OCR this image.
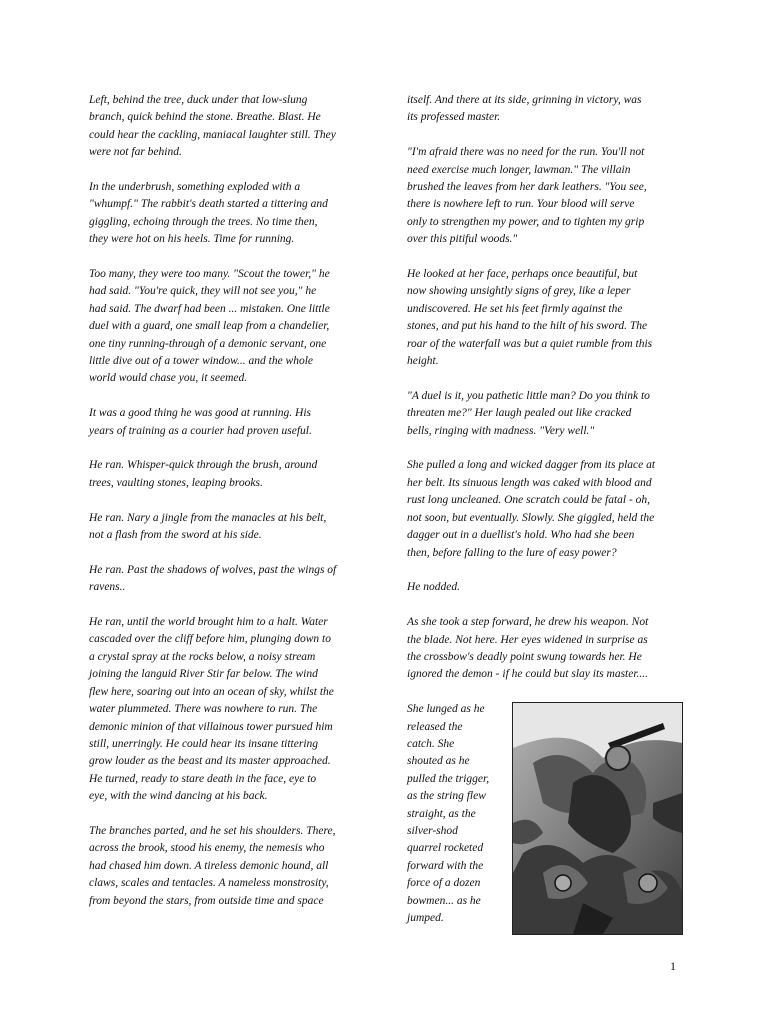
Left, behind the tree, duck under that low-slung
branch, quick behind the stone. Breathe. Blast. He
could hear the cackling, maniacal laughter still. They
were not far behind.

In the underbrush, something exploded with a
"whumpf." The rabbit's death started a tittering and
giggling, echoing through the trees. No time then,
they were hot on his heels. Time for running.

Too many, they were too many. "Scout the tower," he
had said. "You're quick, they will not see you," he
had said. The dwarf had been ... mistaken. One little
duel with a guard, one small leap from a chandelier,
one tiny running-through of a demonic servant, one
little dive out of a tower window... and the whole
world would chase you, it seemed.

It was a good thing he was good at running. His
years of training as a courier had proven useful.

He ran. Whisper-quick through the brush, around
trees, vaulting stones, leaping brooks.

He ran. Nary a jingle from the manacles at his belt,
not a flash from the sword at his side.

He ran. Past the shadows of wolves, past the wings of
ravens..

He ran, until the world brought him to a halt. Water
cascaded over the cliff before him, plunging down to
a crystal spray at the rocks below, a noisy stream
joining the languid River Stir far below. The wind
flew here, soaring out into an ocean of sky, whilst the
water plummeted. There was nowhere to run. The
demonic minion of that villainous tower pursued him
still, unerringly. He could hear its insane tittering
grow louder as the beast and its master approached.
He turned, ready to stare death in the face, eye to
eye, with the wind dancing at his back.

The branches parted, and he set his shoulders. There,
across the brook, stood his enemy, the nemesis who
had chased him down. A tireless demonic hound, all
claws, scales and tentacles. A nameless monstrosity,
from beyond the stars, from outside time and space

itself. And there at its side, grinning in victory, was
its professed master.

"I'm afraid there was no need for the run. You'll not
need exercise much longer, lawman." The villain
brushed the leaves from her dark leathers. "You see,
there is nowhere left to run. Your blood will serve
only to strengthen my power, and to tighten my grip
over this pitiful woods."

He looked at her face, perhaps once beautiful, but
now showing unsightly signs of grey, like a leper
undiscovered. He set his feet firmly against the
stones, and put his hand to the hilt of his sword. The
roar of the waterfall was but a quiet rumble from this
height.

"A duel is it, you pathetic little man? Do you think to
threaten me?" Her laugh pealed out like cracked
bells, ringing with madness. "Very well."

She pulled a long and wicked dagger from its place at
her belt. Its sinuous length was caked with blood and
rust long uncleaned. One scratch could be fatal - oh,
not soon, but eventually. Slowly. She giggled, held the
dagger out in a duellist's hold. Who had she been
then, before falling to the lure of easy power?

He nodded.

As she took a step forward, he drew his weapon. Not
the blade. Not here. Her eyes widened in surprise as
the crossbow's deadly point swung towards her. He
ignored the demon - if he could but slay its master....

She lunged as he
released the
catch. She
shouted as he
pulled the trigger,
as the string flew
straight, as the
silver-shod
quarrel rocketed
forward with the
force of a dozen
bowmen... as he
jumped.
1
